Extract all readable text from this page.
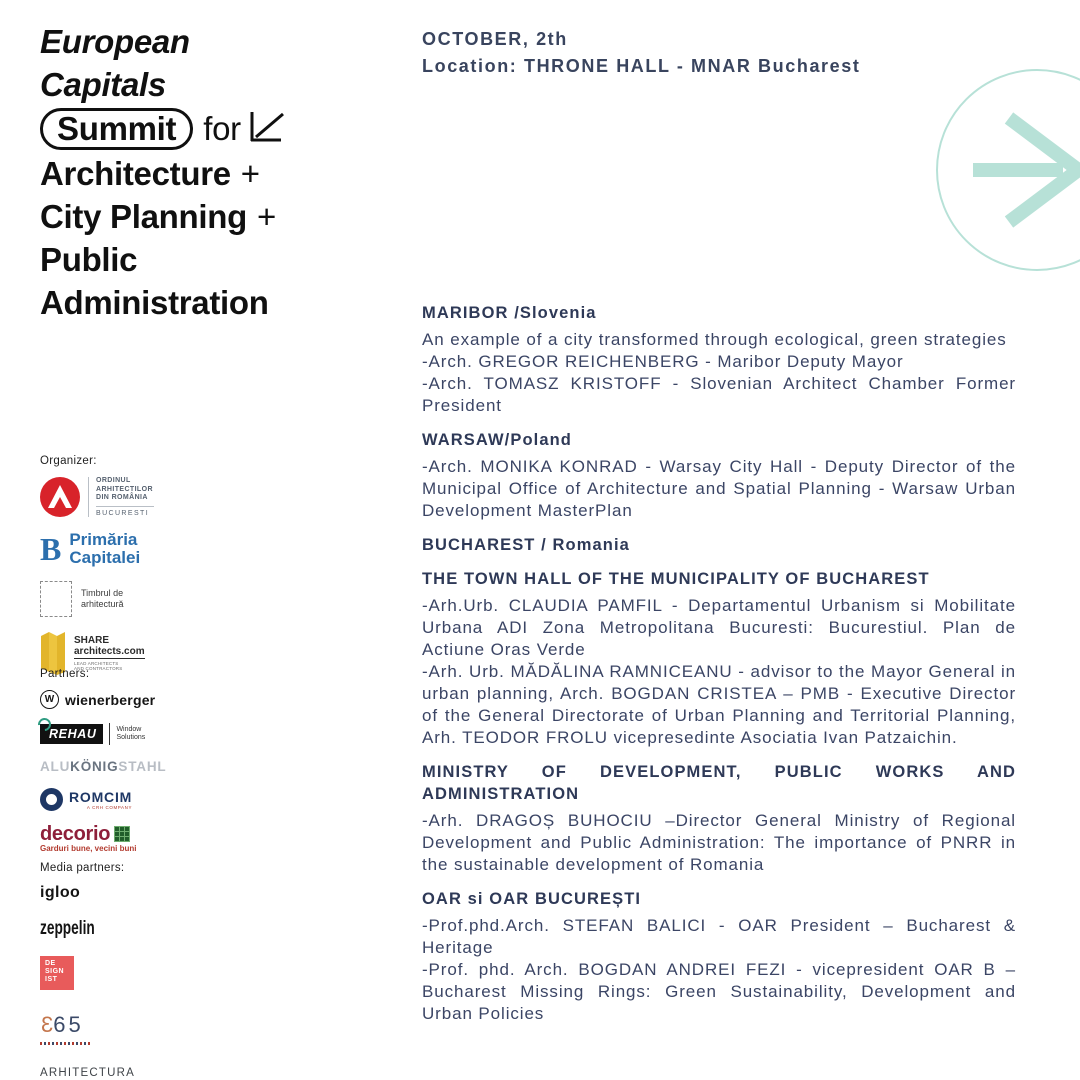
European
Capitals
Summit for
Architecture +
City Planning +
Public
Administration
OCTOBER, 2th
Location: THRONE HALL - MNAR Bucharest
MARIBOR /Slovenia

An example of a city transformed through ecological, green strategies

-Arch. GREGOR REICHENBERG - Maribor Deputy Mayor

-Arch. TOMASZ KRISTOFF - Slovenian Architect Chamber Former President

WARSAW/Poland

-Arch. MONIKA KONRAD - Warsay City Hall - Deputy Director of the Municipal Office of Architecture and Spatial Planning - Warsaw Urban Development MasterPlan

BUCHAREST / Romania
THE TOWN HALL OF THE MUNICIPALITY OF BUCHAREST

-Arh.Urb. CLAUDIA PAMFIL - Departamentul Urbanism si Mobilitate Urbana ADI Zona Metropolitana Bucuresti: Bucurestiul. Plan de Actiune Oras Verde

-Arh. Urb. MĂDĂLINA RAMNICEANU - advisor to the Mayor General in urban planning, Arch. BOGDAN CRISTEA – PMB - Executive Director of the General Directorate of Urban Planning and Territorial Planning, Arh. TEODOR FROLU vicepresedinte Asociatia Ivan Patzaichin.

MINISTRY OF DEVELOPMENT, PUBLIC WORKS AND ADMINISTRATION

-Arh. DRAGOȘ BUHOCIU –Director General Ministry of Regional Development and Public Administration: The importance of PNRR in the sustainable development of Romania

OAR si OAR BUCUREȘTI

-Prof.phd.Arch. STEFAN BALICI - OAR President – Bucharest & Heritage

-Prof. phd. Arch. BOGDAN ANDREI FEZI - vicepresident OAR B – Bucharest Missing Rings: Green Sustainability, Development and Urban Policies

Organizer:
ORDINUL
ARHITECTILOR
DIN ROMÂNIA
BUCURESTI
B Primăria
Capitalei
Timbrul de
arhitectură
SHARE
architects.com
LEAD ARCHITECTS
AND CONTRACTORS
Partners:
W wienerberger
REHAU	Window
Solutions
ALU KÖNIG STAHL
ROMCIM
A CRH COMPANY
decorio
Garduri bune, vecini buni
Media partners:
igloo
zeppelin
DE
SIGN
IST
365
ARHITECTURA
